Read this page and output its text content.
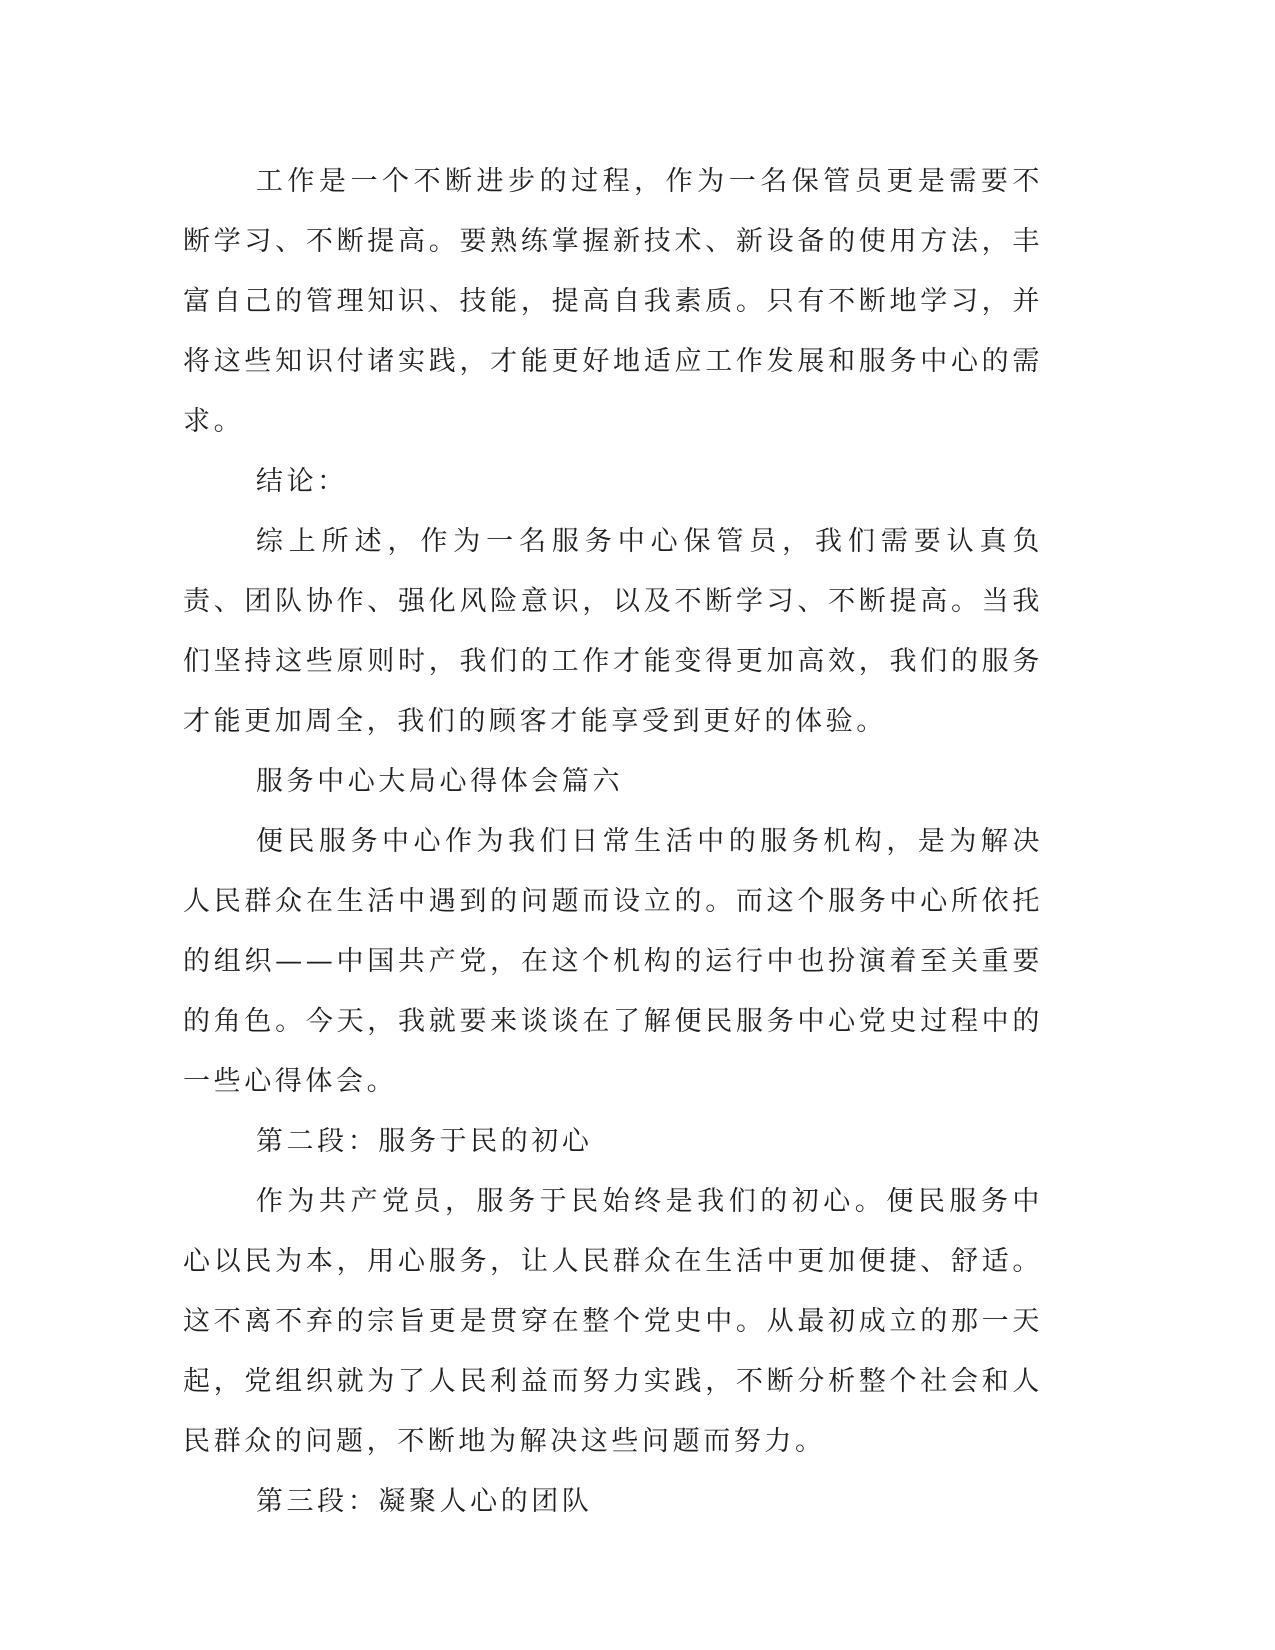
工作是一个不断进步的过程，作为一名保管员更是需要不断学习、不断提高。要熟练掌握新技术、新设备的使用方法，丰富自己的管理知识、技能，提高自我素质。只有不断地学习，并将这些知识付诸实践，才能更好地适应工作发展和服务中心的需求。

结论：

综上所述，作为一名服务中心保管员，我们需要认真负责、团队协作、强化风险意识，以及不断学习、不断提高。当我们坚持这些原则时，我们的工作才能变得更加高效，我们的服务才能更加周全，我们的顾客才能享受到更好的体验。

服务中心大局心得体会篇六

便民服务中心作为我们日常生活中的服务机构，是为解决人民群众在生活中遇到的问题而设立的。而这个服务中心所依托的组织——中国共产党，在这个机构的运行中也扮演着至关重要的角色。今天，我就要来谈谈在了解便民服务中心党史过程中的一些心得体会。

第二段：服务于民的初心

作为共产党员，服务于民始终是我们的初心。便民服务中心以民为本，用心服务，让人民群众在生活中更加便捷、舒适。这不离不弃的宗旨更是贯穿在整个党史中。从最初成立的那一天起，党组织就为了人民利益而努力实践，不断分析整个社会和人民群众的问题，不断地为解决这些问题而努力。

第三段：凝聚人心的团队
